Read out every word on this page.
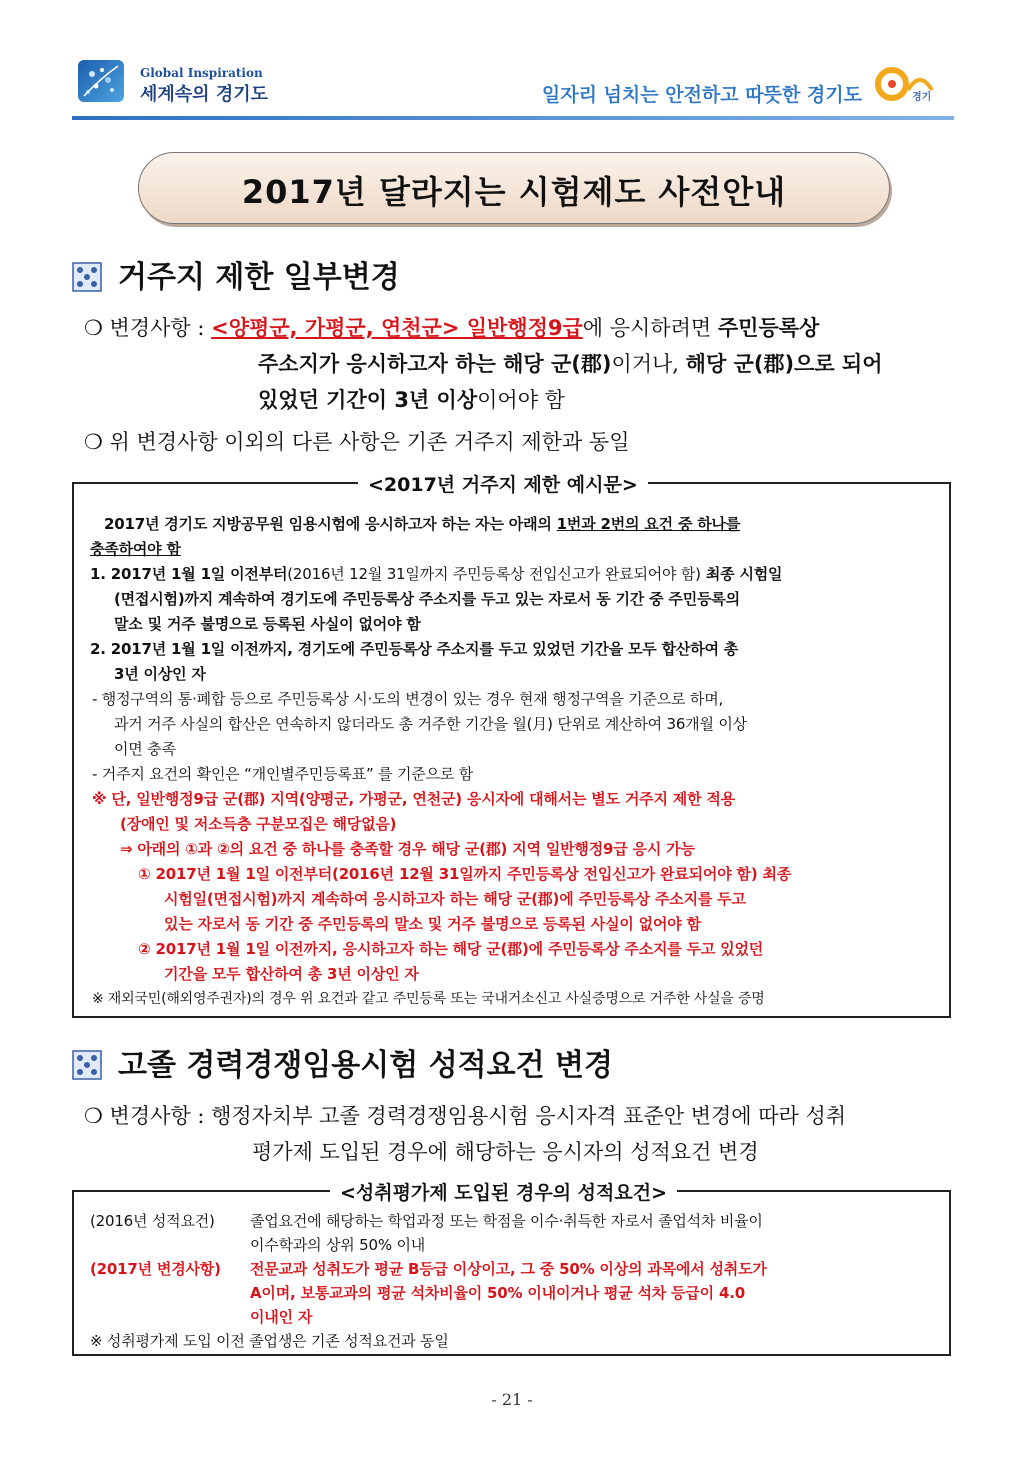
Global Inspiration
세계속의 경기도	일자리 넘치는 안전하고 따뜻한 경기도	경기
2017년 달라지는 시험제도 사전안내
거주지 제한 일부변경
❍ 변경사항 : <양평군, 가평군, 연천군> 일반행정9급에 응시하려면 주민등록상
주소지가 응시하고자 하는 해당 군(郡)이거나, 해당 군(郡)으로 되어
있었던 기간이 3년 이상이어야 함
❍ 위 변경사항 이외의 다른 사항은 기존 거주지 제한과 동일
<2017년 거주지 제한 예시문>
2017년 경기도 지방공무원 임용시험에 응시하고자 하는 자는 아래의 1번과 2번의 요건 중 하나를
충족하여야 함
1. 2017년 1월 1일 이전부터(2016년 12월 31일까지 주민등록상 전입신고가 완료되어야 함) 최종 시험일
(면접시험)까지 계속하여 경기도에 주민등록상 주소지를 두고 있는 자로서 동 기간 중 주민등록의
말소 및 거주 불명으로 등록된 사실이 없어야 함
2. 2017년 1월 1일 이전까지, 경기도에 주민등록상 주소지를 두고 있었던 기간을 모두 합산하여 총
3년 이상인 자
- 행정구역의 통·폐합 등으로 주민등록상 시·도의 변경이 있는 경우 현재 행정구역을 기준으로 하며,
과거 거주 사실의 합산은 연속하지 않더라도 총 거주한 기간을 월(月) 단위로 계산하여 36개월 이상
이면 충족
- 거주지 요건의 확인은 “개인별주민등록표” 를 기준으로 함
※ 단, 일반행정9급 군(郡) 지역(양평군, 가평군, 연천군) 응시자에 대해서는 별도 거주지 제한 적용
(장애인 및 저소득층 구분모집은 해당없음)
⇒ 아래의 ①과 ②의 요건 중 하나를 충족할 경우 해당 군(郡) 지역 일반행정9급 응시 가능
① 2017년 1월 1일 이전부터(2016년 12월 31일까지 주민등록상 전입신고가 완료되어야 함) 최종
시험일(면접시험)까지 계속하여 응시하고자 하는 해당 군(郡)에 주민등록상 주소지를 두고
있는 자로서 동 기간 중 주민등록의 말소 및 거주 불명으로 등록된 사실이 없어야 함
② 2017년 1월 1일 이전까지, 응시하고자 하는 해당 군(郡)에 주민등록상 주소지를 두고 있었던
기간을 모두 합산하여 총 3년 이상인 자
※ 재외국민(해외영주권자)의 경우 위 요건과 같고 주민등록 또는 국내거소신고 사실증명으로 거주한 사실을 증명
고졸 경력경쟁임용시험 성적요건 변경
❍ 변경사항 : 행정자치부 고졸 경력경쟁임용시험 응시자격 표준안 변경에 따라 성취
평가제 도입된 경우에 해당하는 응시자의 성적요건 변경
<성취평가제 도입된 경우의 성적요건>
(2016년 성적요건) 졸업요건에 해당하는 학업과정 또는 학점을 이수·취득한 자로서 졸업석차 비율이
이수학과의 상위 50% 이내
(2017년 변경사항) 전문교과 성취도가 평균 B등급 이상이고, 그 중 50% 이상의 과목에서 성취도가
A이며, 보통교과의 평균 석차비율이 50% 이내이거나 평균 석차 등급이 4.0
이내인 자
※ 성취평가제 도입 이전 졸업생은 기존 성적요건과 동일
- 21 -
